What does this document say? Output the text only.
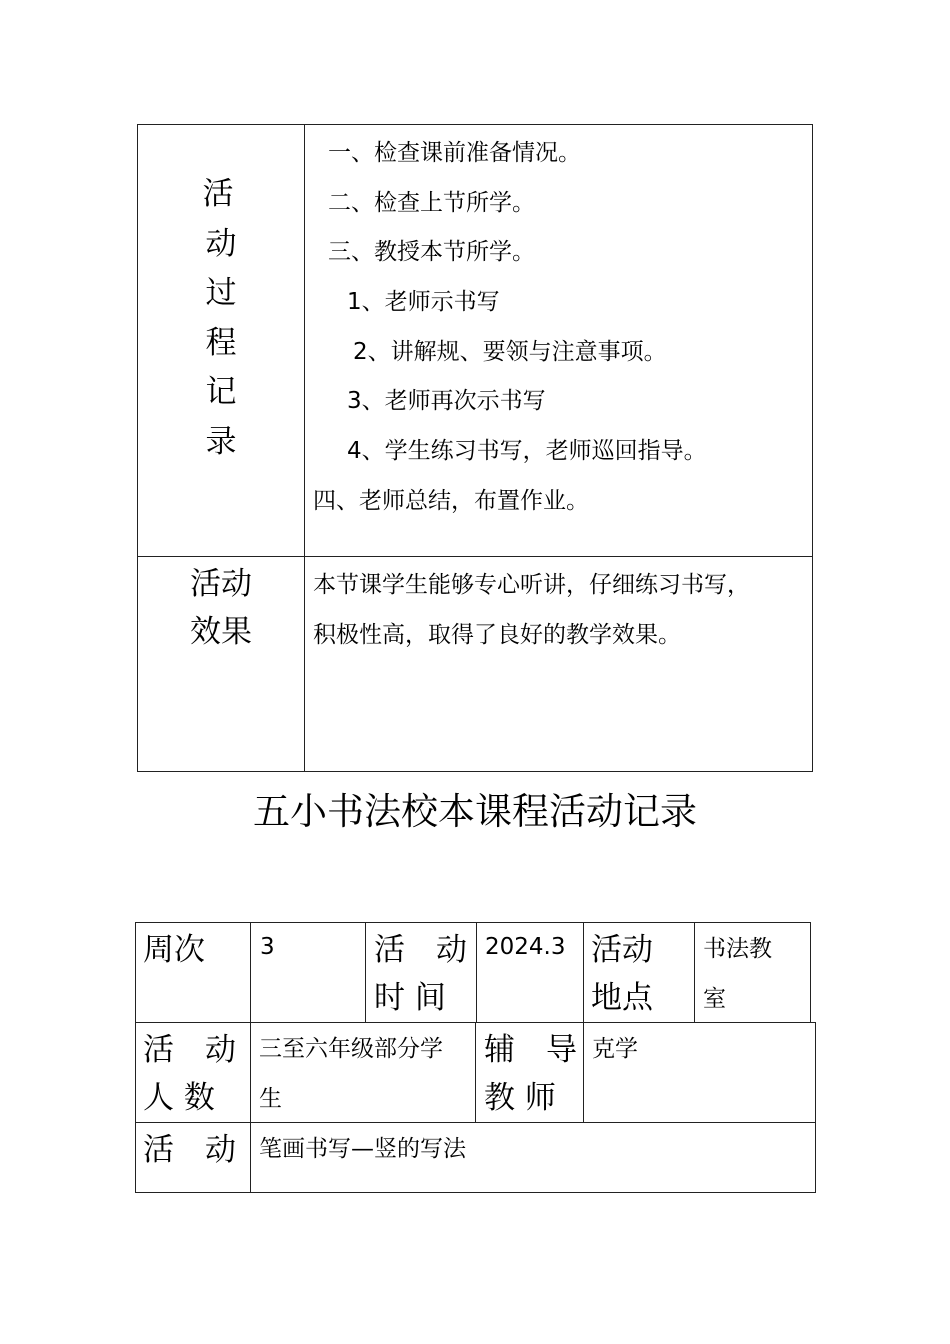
活
动
过
程
记
录
一、检查课前准备情况。
二、检查上节所学。
三、教授本节所学。
1、老师示书写
2、讲解规、要领与注意事项。
3、老师再次示书写
4、学生练习书写，老师巡回指导。
四、老师总结，布置作业。
活动
效果
本节课学生能够专心听讲，仔细练习书写，
积极性高，取得了良好的教学效果。
五小书法校本课程活动记录
周次 3	活　动
时 间
2024.3 活动
地点
书法教
室
活　动
人 数
三至六年级部分学
生
辅　导
教 师
克学
活　动 笔画书写—竖的写法
